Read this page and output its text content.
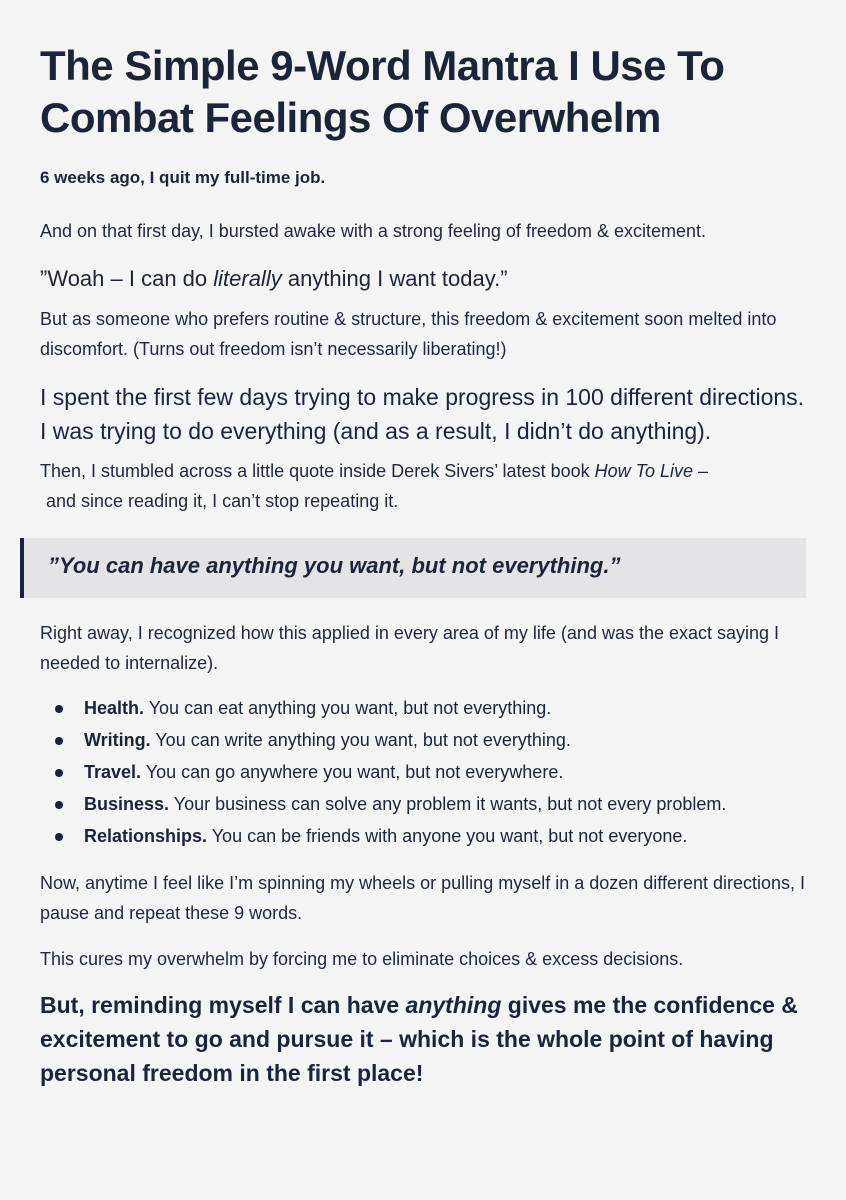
The Simple 9-Word Mantra I Use To Combat Feelings Of Overwhelm
6 weeks ago, I quit my full-time job.
And on that first day, I bursted awake with a strong feeling of freedom & excitement.
”Woah – I can do literally anything I want today.”
But as someone who prefers routine & structure, this freedom & excitement soon melted into discomfort. (Turns out freedom isn’t necessarily liberating!)
I spent the first few days trying to make progress in 100 different directions. I was trying to do everything (and as a result, I didn’t do anything).
Then, I stumbled across a little quote inside Derek Sivers’ latest book How To Live –
and since reading it, I can’t stop repeating it.
”You can have anything you want, but not everything.”
Right away, I recognized how this applied in every area of my life (and was the exact saying I needed to internalize).
Health. You can eat anything you want, but not everything.
Writing. You can write anything you want, but not everything.
Travel. You can go anywhere you want, but not everywhere.
Business. Your business can solve any problem it wants, but not every problem.
Relationships. You can be friends with anyone you want, but not everyone.
Now, anytime I feel like I’m spinning my wheels or pulling myself in a dozen different directions, I pause and repeat these 9 words.
This cures my overwhelm by forcing me to eliminate choices & excess decisions.
But, reminding myself I can have anything gives me the confidence & excitement to go and pursue it – which is the whole point of having personal freedom in the first place!
